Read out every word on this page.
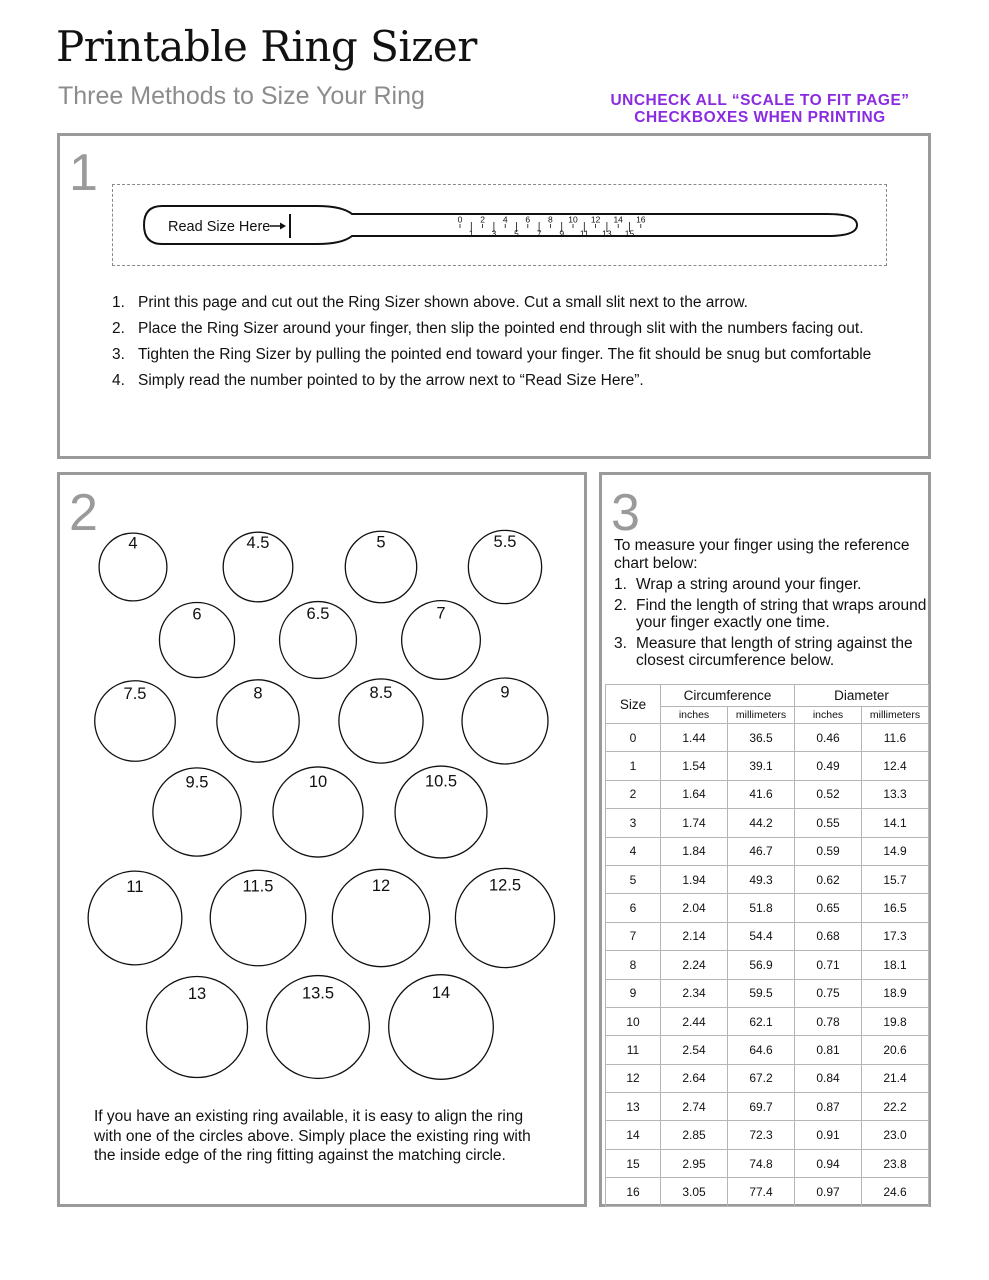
Printable Ring Sizer
Three Methods to Size Your Ring	UNCHECK ALL “SCALE TO FIT PAGE”
CHECKBOXES WHEN PRINTING
1
Read Size Here	0
1
2
3
4
5
6
7
8
9
10
11
12
13
14
15
16
1. Print this page and cut out the Ring Sizer shown above. Cut a small slit next to the arrow.
2. Place the Ring Sizer around your finger, then slip the pointed end through slit with the numbers facing out.
3. Tighten the Ring Sizer by pulling the pointed end toward your finger. The fit should be snug but comfortable
4. Simply read the number pointed to by the arrow next to “Read Size Here”.
2
4	4.5	5	5.5
6	6.5	7
7.5	8	8.5	9
9.5	10	10.5
11	11.5	12	12.5
13	13.5	14
If you have an existing ring available, it is easy to align the ring with one of the circles above. Simply place the existing ring with the inside edge of the ring fitting against the matching circle.
3
To measure your finger using the reference chart below:
1. Wrap a string around your finger.
2. Find the length of string that wraps around your finger exactly one time.
3. Measure that length of string against the closest circumference below.
Size	Circumference		Diameter	
	inches	millimeters	inches	millimeters
0	1.44	36.5	0.46	11.6
1	1.54	39.1	0.49	12.4
2	1.64	41.6	0.52	13.3
3	1.74	44.2	0.55	14.1
4	1.84	46.7	0.59	14.9
5	1.94	49.3	0.62	15.7
6	2.04	51.8	0.65	16.5
7	2.14	54.4	0.68	17.3
8	2.24	56.9	0.71	18.1
9	2.34	59.5	0.75	18.9
10	2.44	62.1	0.78	19.8
11	2.54	64.6	0.81	20.6
12	2.64	67.2	0.84	21.4
13	2.74	69.7	0.87	22.2
14	2.85	72.3	0.91	23.0
15	2.95	74.8	0.94	23.8
16	3.05	77.4	0.97	24.6
